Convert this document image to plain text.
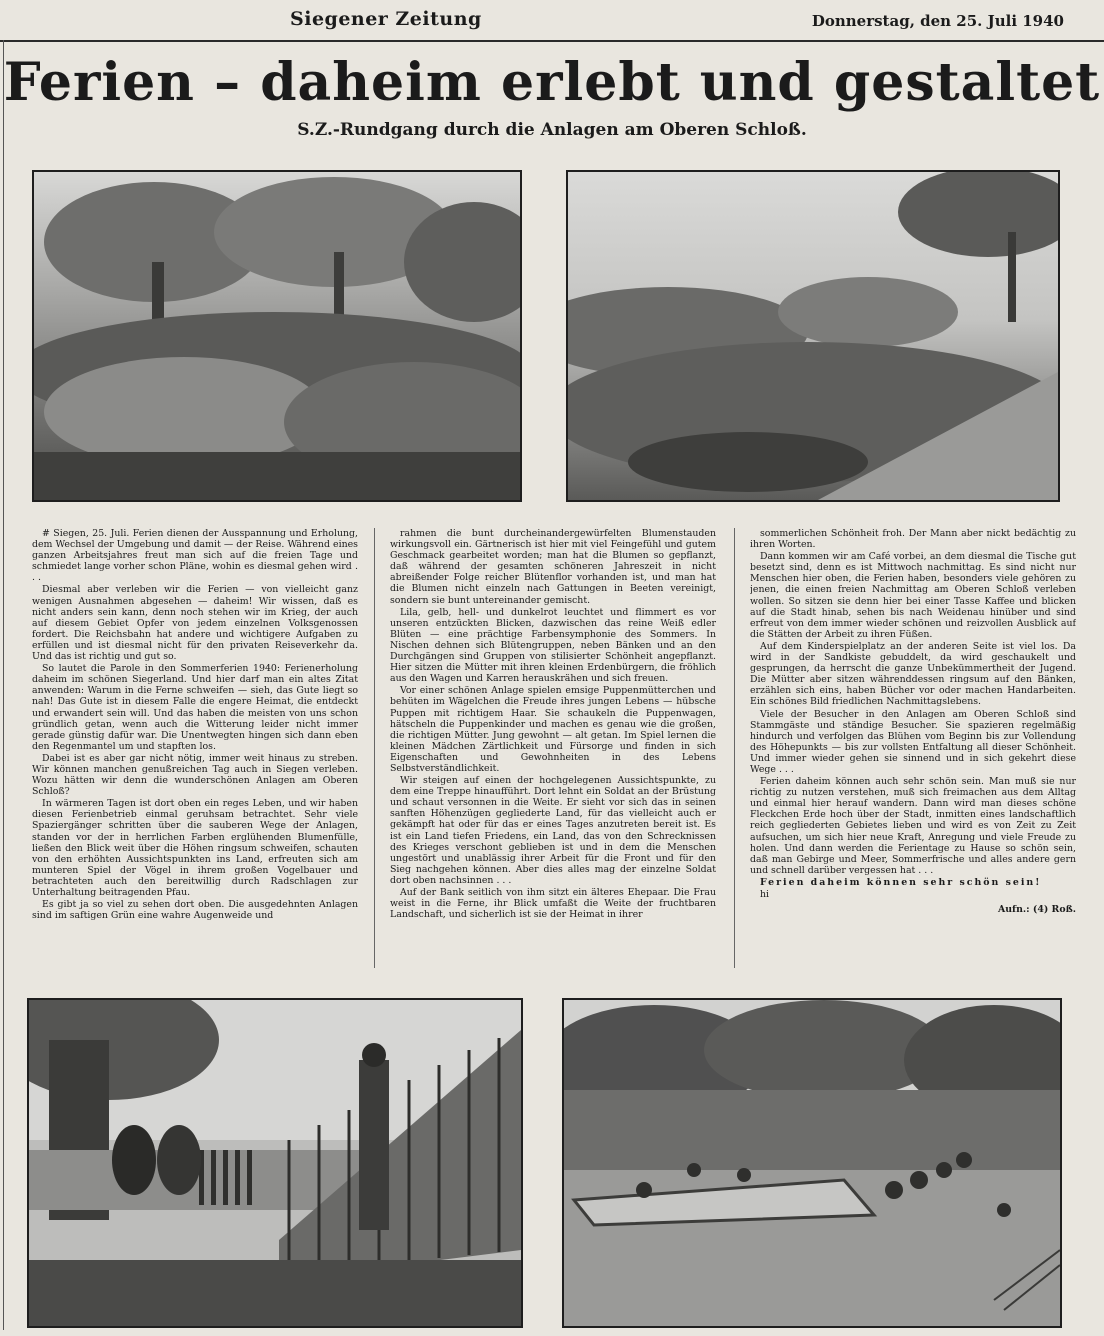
Siegener Zeitung	Donnerstag, den 25. Juli 1940
Ferien – daheim erlebt und gestaltet
S.Z.-Rundgang durch die Anlagen am Oberen Schloß.

# Siegen, 25. Juli. Ferien dienen der Ausspannung und Erholung, dem Wechsel der Umgebung und damit — der Reise. Während eines ganzen Arbeitsjahres freut man sich auf die freien Tage und schmiedet lange vorher schon Pläne, wohin es diesmal gehen wird . . .

Diesmal aber verleben wir die Ferien — von vielleicht ganz wenigen Ausnahmen abgesehen — daheim! Wir wissen, daß es nicht anders sein kann, denn noch stehen wir im Krieg, der auch auf diesem Gebiet Opfer von jedem einzelnen Volksgenossen fordert. Die Reichsbahn hat andere und wichtigere Aufgaben zu erfüllen und ist diesmal nicht für den privaten Reiseverkehr da. Und das ist richtig und gut so.

So lautet die Parole in den Sommerferien 1940: Ferienerholung daheim im schönen Siegerland. Und hier darf man ein altes Zitat anwenden: Warum in die Ferne schweifen — sieh, das Gute liegt so nah! Das Gute ist in diesem Falle die engere Heimat, die entdeckt und erwandert sein will. Und das haben die meisten von uns schon gründlich getan, wenn auch die Witterung leider nicht immer gerade günstig dafür war. Die Unentwegten hingen sich dann eben den Regenmantel um und stapften los.

Dabei ist es aber gar nicht nötig, immer weit hinaus zu streben. Wir können manchen genußreichen Tag auch in Siegen verleben. Wozu hätten wir denn die wunderschönen Anlagen am Oberen Schloß?

In wärmeren Tagen ist dort oben ein reges Leben, und wir haben diesen Ferienbetrieb einmal geruhsam betrachtet. Sehr viele Spaziergänger schritten über die sauberen Wege der Anlagen, standen vor der in herrlichen Farben erglühenden Blumenfülle, ließen den Blick weit über die Höhen ringsum schweifen, schauten von den erhöhten Aussichtspunkten ins Land, erfreuten sich am munteren Spiel der Vögel in ihrem großen Vogelbauer und betrachteten auch den bereitwillig durch Radschlagen zur Unterhaltung beitragenden Pfau.

Es gibt ja so viel zu sehen dort oben. Die ausgedehnten Anlagen sind im saftigen Grün eine wahre Augenweide und

rahmen die bunt durcheinandergewürfelten Blumenstauden wirkungsvoll ein. Gärtnerisch ist hier mit viel Feingefühl und gutem Geschmack gearbeitet worden; man hat die Blumen so gepflanzt, daß während der gesamten schöneren Jahreszeit in nicht abreißender Folge reicher Blütenflor vorhanden ist, und man hat die Blumen nicht einzeln nach Gattungen in Beeten vereinigt, sondern sie bunt untereinander gemischt.

Lila, gelb, hell- und dunkelrot leuchtet und flimmert es vor unseren entzückten Blicken, dazwischen das reine Weiß edler Blüten — eine prächtige Farbensymphonie des Sommers. In Nischen dehnen sich Blütengruppen, neben Bänken und an den Durchgängen sind Gruppen von stilisierter Schönheit angepflanzt. Hier sitzen die Mütter mit ihren kleinen Erdenbürgern, die fröhlich aus den Wagen und Karren herauskrähen und sich freuen.

Vor einer schönen Anlage spielen emsige Puppenmütterchen und behüten im Wägelchen die Freude ihres jungen Lebens — hübsche Puppen mit richtigem Haar. Sie schaukeln die Puppenwagen, hätscheln die Puppenkinder und machen es genau wie die großen, die richtigen Mütter. Jung gewohnt — alt getan. Im Spiel lernen die kleinen Mädchen Zärtlichkeit und Fürsorge und finden in sich Eigenschaften und Gewohnheiten in des Lebens Selbstverständlichkeit.

Wir steigen auf einen der hochgelegenen Aussichtspunkte, zu dem eine Treppe hinaufführt. Dort lehnt ein Soldat an der Brüstung und schaut versonnen in die Weite. Er sieht vor sich das in seinen sanften Höhenzügen gegliederte Land, für das vielleicht auch er gekämpft hat oder für das er eines Tages anzutreten bereit ist. Es ist ein Land tiefen Friedens, ein Land, das von den Schrecknissen des Krieges verschont geblieben ist und in dem die Menschen ungestört und unablässig ihrer Arbeit für die Front und für den Sieg nachgehen können. Aber dies alles mag der einzelne Soldat dort oben nachsinnen . . .

Auf der Bank seitlich von ihm sitzt ein älteres Ehepaar. Die Frau weist in die Ferne, ihr Blick umfaßt die Weite der fruchtbaren Landschaft, und sicherlich ist sie der Heimat in ihrer

sommerlichen Schönheit froh. Der Mann aber nickt bedächtig zu ihren Worten.

Dann kommen wir am Café vorbei, an dem diesmal die Tische gut besetzt sind, denn es ist Mittwoch nachmittag. Es sind nicht nur Menschen hier oben, die Ferien haben, besonders viele gehören zu jenen, die einen freien Nachmittag am Oberen Schloß verleben wollen. So sitzen sie denn hier bei einer Tasse Kaffee und blicken auf die Stadt hinab, sehen bis nach Weidenau hinüber und sind erfreut von dem immer wieder schönen und reizvollen Ausblick auf die Stätten der Arbeit zu ihren Füßen.

Auf dem Kinderspielplatz an der anderen Seite ist viel los. Da wird in der Sandkiste gebuddelt, da wird geschaukelt und gesprungen, da herrscht die ganze Unbekümmertheit der Jugend. Die Mütter aber sitzen währenddessen ringsum auf den Bänken, erzählen sich eins, haben Bücher vor oder machen Handarbeiten. Ein schönes Bild friedlichen Nachmittagslebens.

Viele der Besucher in den Anlagen am Oberen Schloß sind Stammgäste und ständige Besucher. Sie spazieren regelmäßig hindurch und verfolgen das Blühen vom Beginn bis zur Vollendung des Höhepunkts — bis zur vollsten Entfaltung all dieser Schönheit. Und immer wieder gehen sie sinnend und in sich gekehrt diese Wege . . .

Ferien daheim können auch sehr schön sein. Man muß sie nur richtig zu nutzen verstehen, muß sich freimachen aus dem Alltag und einmal hier herauf wandern. Dann wird man dieses schöne Fleckchen Erde hoch über der Stadt, inmitten eines landschaftlich reich gegliederten Gebietes lieben und wird es von Zeit zu Zeit aufsuchen, um sich hier neue Kraft, Anregung und viele Freude zu holen. Und dann werden die Ferientage zu Hause so schön sein, daß man Gebirge und Meer, Sommerfrische und alles andere gern und schnell darüber vergessen hat . . .

Ferien daheim können sehr schön sein!

hi

Aufn.: (4) Roß.
